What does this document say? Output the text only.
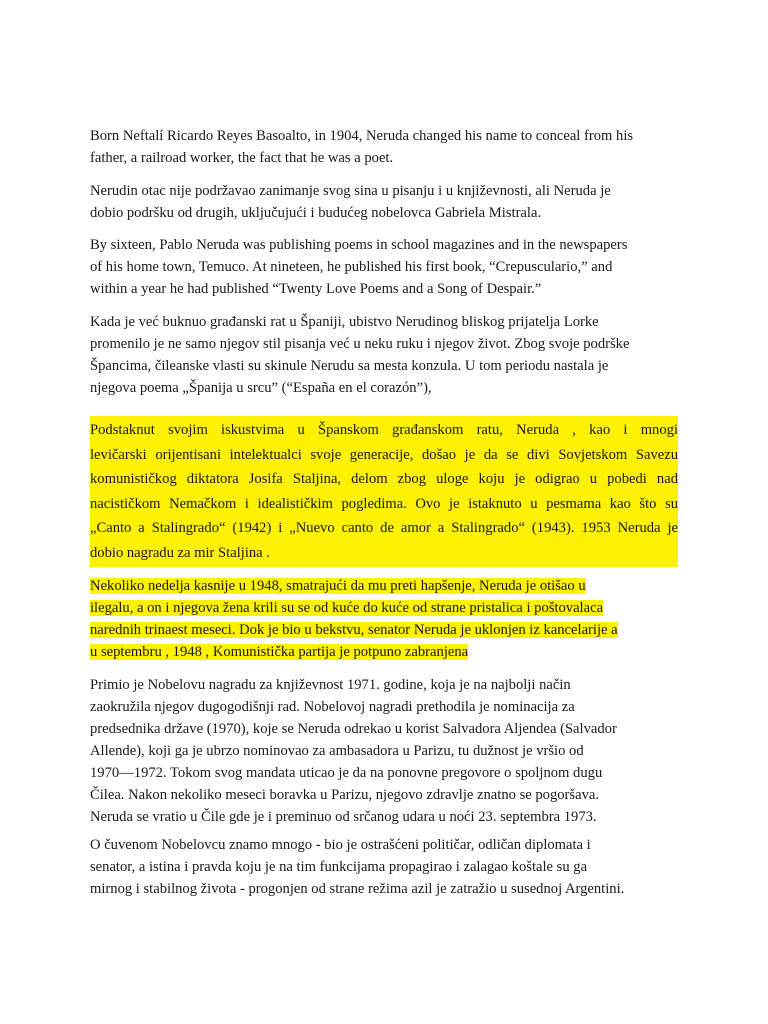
Born Neftalí Ricardo Reyes Basoalto, in 1904, Neruda changed his name to conceal from his
father, a railroad worker, the fact that he was a poet.

Nerudin otac nije podržavao zanimanje svog sina u pisanju i u književnosti, ali Neruda je
dobio podršku od drugih, uključujući i budućeg nobelovca Gabriela Mistrala.

By sixteen, Pablo Neruda was publishing poems in school magazines and in the newspapers
of his home town, Temuco. At nineteen, he published his first book, “Crepusculario,” and
within a year he had published “Twenty Love Poems and a Song of Despair.”

Kada je već buknuo građanski rat u Španiji, ubistvo Nerudinog bliskog prijatelja Lorke
promenilo je ne samo njegov stil pisanja već u neku ruku i njegov život. Zbog svoje podrške
Špancima, čileanske vlasti su skinule Nerudu sa mesta konzula. U tom periodu nastala je
njegova poema „Španija u srcu” (“España en el corazón”),

Podstaknut svojim iskustvima u Španskom građanskom ratu, Neruda , kao i mnogi
levičarski orijentisani intelektualci svoje generacije, došao je da se divi Sovjetskom Savezu
komunističkog diktatora Josifa Staljina, delom zbog uloge koju je odigrao u pobedi nad
nacističkom Nemačkom i idealističkim pogledima. Ovo je istaknuto u pesmama kao što su
„Canto a Stalingrado“ (1942) i „Nuevo canto de amor a Stalingrado“ (1943). 1953 Neruda je
dobio nagradu za mir Staljina .

Nekoliko nedelja kasnije u 1948, smatrajući da mu preti hapšenje, Neruda je otišao u
ilegalu, a on i njegova žena krili su se od kuće do kuće od strane pristalica i poštovalaca
narednih trinaest meseci. Dok je bio u bekstvu, senator Neruda je uklonjen iz kancelarije a
u septembru , 1948 , Komunistička partija je potpuno zabranjena

Primio je Nobelovu nagradu za književnost 1971. godine, koja je na najbolji način
zaokružila njegov dugogodišnji rad. Nobelovoj nagradi prethodila je nominacija za
predsednika države (1970), koje se Neruda odrekao u korist Salvadora Aljendea (Salvador
Allende), koji ga je ubrzo nominovao za ambasadora u Parizu, tu dužnost je vršio od
1970—1972. Tokom svog mandata uticao je da na ponovne pregovore o spoljnom dugu
Čilea. Nakon nekoliko meseci boravka u Parizu, njegovo zdravlje znatno se pogoršava.
Neruda se vratio u Čile gde je i preminuo od srčanog udara u noći 23. septembra 1973.

O čuvenom Nobelovcu znamo mnogo - bio je ostrašćeni političar, odličan diplomata i
senator, a istina i pravda koju je na tim funkcijama propagirao i zalagao koštale su ga
mirnog i stabilnog života - progonjen od strane režima azil je zatražio u susednoj Argentini.
